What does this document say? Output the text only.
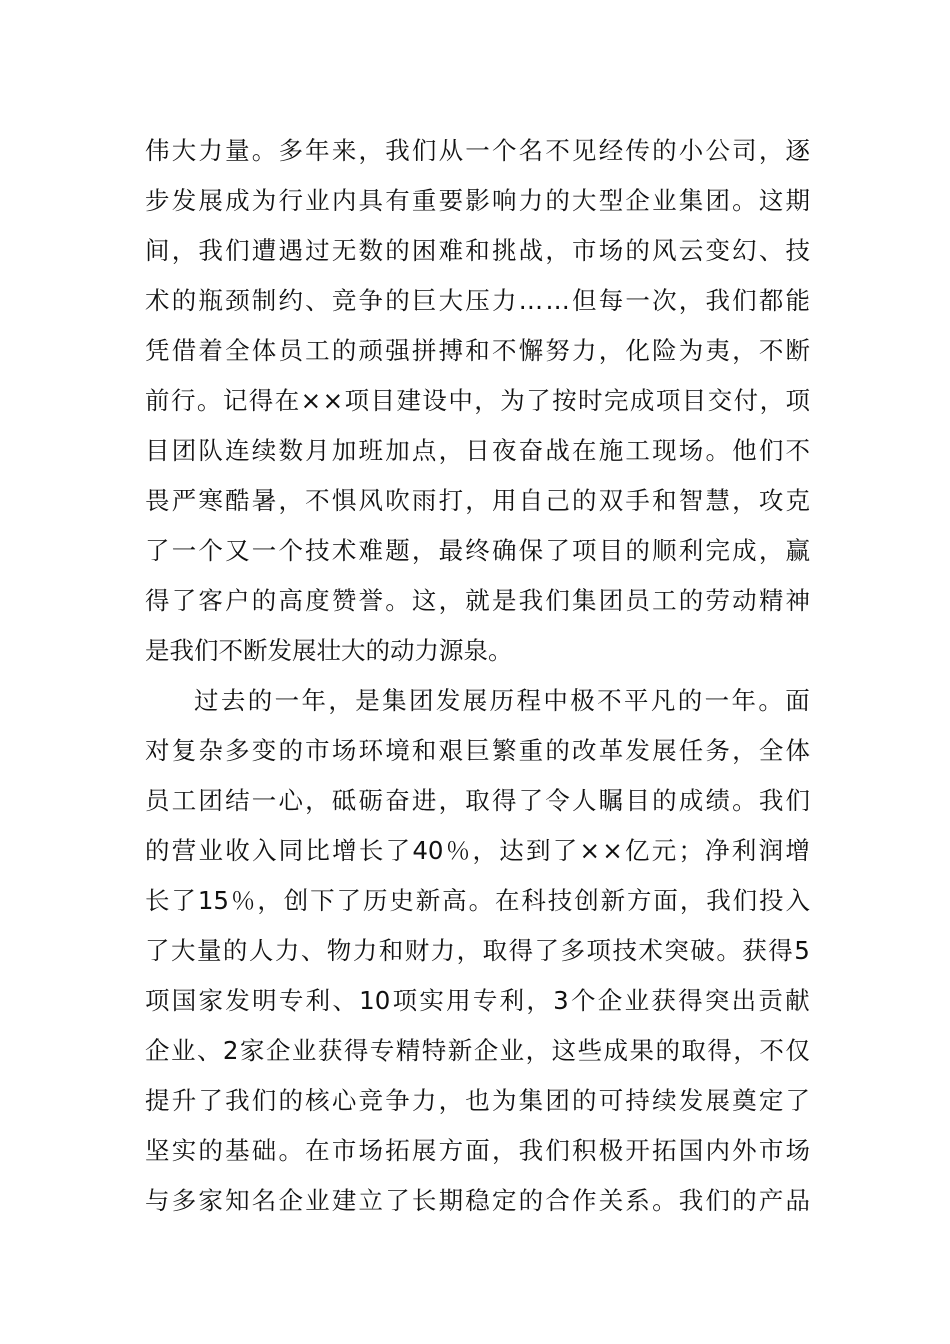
伟 大 力 量 。 多 年 来 ， 我 们 从 一 个 名 不 见 经 传 的 小 公 司 ， 逐
步 发 展 成 为 行 业 内 具 有 重 要 影 响 力 的 大 型 企 业 集 团 。 这 期
间 ， 我 们 遭 遇 过 无 数 的 困 难 和 挑 战 ， 市 场 的 风 云 变 幻 、 技
术 的 瓶 颈 制 约 、 竞 争 的 巨 大 压 力 … … 但 每 一 次 ， 我 们 都 能
凭 借 着 全 体 员 工 的 顽 强 拼 搏 和 不 懈 努 力 ， 化 险 为 夷 ， 不 断
前 行 。 记 得 在 × × 项 目 建 设 中 ， 为 了 按 时 完 成 项 目 交 付 ， 项
目 团 队 连 续 数 月 加 班 加 点 ， 日 夜 奋 战 在 施 工 现 场 。 他 们 不
畏 严 寒 酷 暑 ， 不 惧 风 吹 雨 打 ， 用 自 己 的 双 手 和 智 慧 ， 攻 克
了 一 个 又 一 个 技 术 难 题 ， 最 终 确 保 了 项 目 的 顺 利 完 成 ， 赢
得 了 客 户 的 高 度 赞 誉 。 这 ， 就 是 我 们 集 团 员 工 的 劳 动 精 神
是我们不断发展壮大的动力源泉。
过 去 的 一 年 ， 是 集 团 发 展 历 程 中 极 不 平 凡 的 一 年 。 面
对 复 杂 多 变 的 市 场 环 境 和 艰 巨 繁 重 的 改 革 发 展 任 务 ， 全 体
员 工 团 结 一 心 ， 砥 砺 奋 进 ， 取 得 了 令 人 瞩 目 的 成 绩 。 我 们
的 营 业 收 入 同 比 增 长 了 40 ％ ， 达 到 了 × × 亿 元 ； 净 利 润 增
长 了 15 ％ ， 创 下 了 历 史 新 高 。 在 科 技 创 新 方 面 ， 我 们 投 入
了 大 量 的 人 力 、 物 力 和 财 力 ， 取 得 了 多 项 技 术 突 破 。 获 得 5
项 国 家 发 明 专 利 、 10 项 实 用 专 利 ， 3 个 企 业 获 得 突 出 贡 献
企 业 、 2 家 企 业 获 得 专 精 特 新 企 业 ， 这 些 成 果 的 取 得 ， 不 仅
提 升 了 我 们 的 核 心 竞 争 力 ， 也 为 集 团 的 可 持 续 发 展 奠 定 了
坚 实 的 基 础 。 在 市 场 拓 展 方 面 ， 我 们 积 极 开 拓 国 内 外 市 场
与 多 家 知 名 企 业 建 立 了 长 期 稳 定 的 合 作 关 系 。 我 们 的 产 品
